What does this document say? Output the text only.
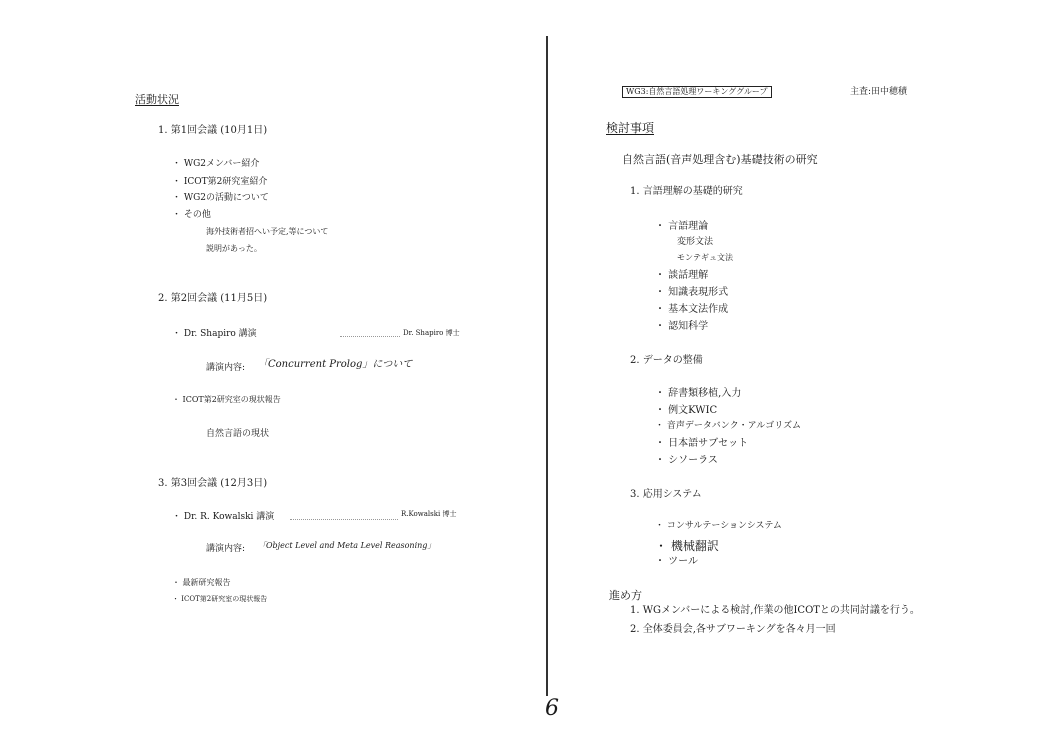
活動状況
1. 第1回会議 (10月1日)
・ WG2メンバー紹介
・ ICOT第2研究室紹介
・ WG2の活動について
・ その他
海外技術者招へい予定,等について
説明があった。
2. 第2回会議 (11月5日)
・ Dr. Shapiro 講演	Dr. Shapiro 博士
講演内容: 「Concurrent Prolog」について
・ ICOT第2研究室の現状報告
自然言語の現状
3. 第3回会議 (12月3日)
・ Dr. R. Kowalski 講演	R.Kowalski 博士
講演内容: 「Object Level and Meta Level Reasoning」
・ 最新研究報告
・ ICOT第2研究室の現状報告
6
WG3:自然言語処理ワーキンググループ	主査:田中穂積
検討事項
自然言語(音声処理含む)基礎技術の研究
1. 言語理解の基礎的研究
・ 言語理論
変形文法
モンテギュ文法
・ 談話理解
・ 知識表現形式
・ 基本文法作成
・ 認知科学
2. データの整備
・ 辞書類移植,入力
・ 例文KWIC
・ 音声データバンク・アルゴリズム
・ 日本語サブセット
・ シソーラス
3. 応用システム
・ コンサルテーションシステム
・ 機械翻訳
・ ツール
進め方
1. WGメンバーによる検討,作業の他ICOTとの共同討議を行う。
2. 全体委員会,各サブワーキングを各々月一回
